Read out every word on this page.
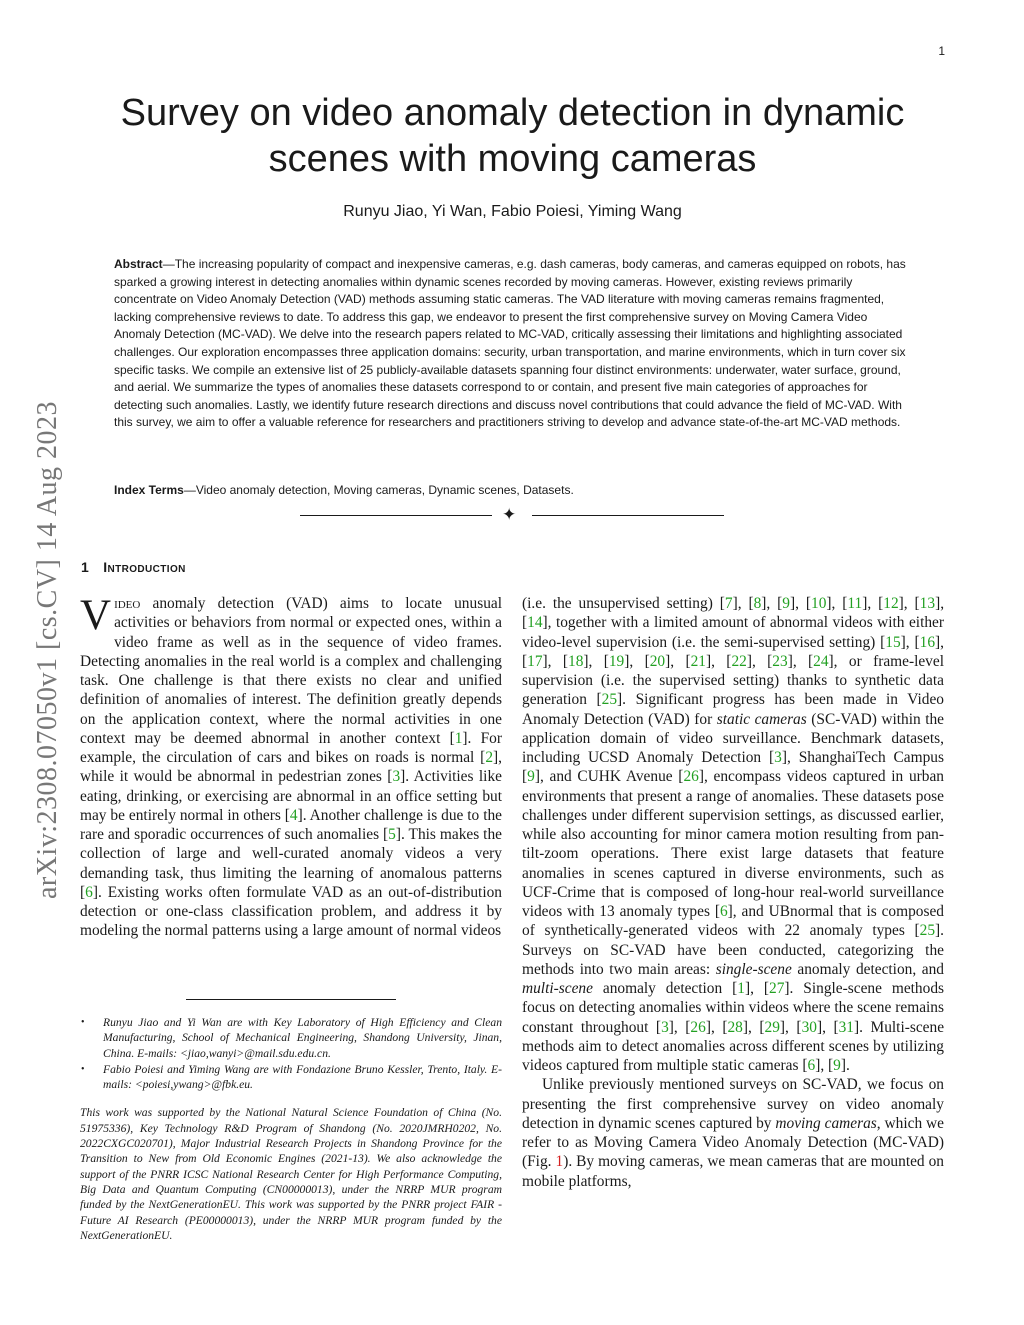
1
arXiv:2308.07050v1 [cs.CV] 14 Aug 2023
Survey on video anomaly detection in dynamic
scenes with moving cameras
Runyu Jiao, Yi Wan, Fabio Poiesi, Yiming Wang

Abstract—The increasing popularity of compact and inexpensive cameras, e.g. dash cameras, body cameras, and cameras equipped on robots, has sparked a growing interest in detecting anomalies within dynamic scenes recorded by moving cameras. However, existing reviews primarily concentrate on Video Anomaly Detection (VAD) methods assuming static cameras. The VAD literature with moving cameras remains fragmented, lacking comprehensive reviews to date. To address this gap, we endeavor to present the first comprehensive survey on Moving Camera Video Anomaly Detection (MC-VAD). We delve into the research papers related to MC-VAD, critically assessing their limitations and highlighting associated challenges. Our exploration encompasses three application domains: security, urban transportation, and marine environments, which in turn cover six specific tasks. We compile an extensive list of 25 publicly-available datasets spanning four distinct environments: underwater, water surface, ground, and aerial. We summarize the types of anomalies these datasets correspond to or contain, and present five main categories of approaches for detecting such anomalies. Lastly, we identify future research directions and discuss novel contributions that could advance the field of MC-VAD. With this survey, we aim to offer a valuable reference for researchers and practitioners striving to develop and advance state-of-the-art MC-VAD methods.

Index Terms—Video anomaly detection, Moving cameras, Dynamic scenes, Datasets.

✦
1 Introduction

Video anomaly detection (VAD) aims to locate unusual activities or behaviors from normal or expected ones, within a video frame as well as in the sequence of video frames. Detecting anomalies in the real world is a complex and challenging task. One challenge is that there exists no clear and unified definition of anomalies of interest. The definition greatly depends on the application context, where the normal activities in one context may be deemed abnormal in another context [1]. For example, the circulation of cars and bikes on roads is normal [2], while it would be abnormal in pedestrian zones [3]. Activities like eating, drinking, or exercising are abnormal in an office setting but may be entirely normal in others [4]. Another challenge is due to the rare and sporadic occurrences of such anomalies [5]. This makes the collection of large and well-curated anomaly videos a very demanding task, thus limiting the learning of anomalous patterns [6]. Existing works often formulate VAD as an out-of-distribution detection or one-class classification problem, and address it by modeling the normal patterns using a large amount of normal videos

(i.e. the unsupervised setting) [7], [8], [9], [10], [11], [12], [13], [14], together with a limited amount of abnormal videos with either video-level supervision (i.e. the semi-supervised setting) [15], [16], [17], [18], [19], [20], [21], [22], [23], [24], or frame-level supervision (i.e. the supervised setting) thanks to synthetic data generation [25]. Significant progress has been made in Video Anomaly Detection (VAD) for static cameras (SC-VAD) within the application domain of video surveillance. Benchmark datasets, including UCSD Anomaly Detection [3], ShanghaiTech Campus [9], and CUHK Avenue [26], encompass videos captured in urban environments that present a range of anomalies. These datasets pose challenges under different supervision settings, as discussed earlier, while also accounting for minor camera motion resulting from pan-tilt-zoom operations. There exist large datasets that feature anomalies in scenes captured in diverse environments, such as UCF-Crime that is composed of long-hour real-world surveillance videos with 13 anomaly types [6], and UBnormal that is composed of synthetically-generated videos with 22 anomaly types [25]. Surveys on SC-VAD have been conducted, categorizing the methods into two main areas: single-scene anomaly detection, and multi-scene anomaly detection [1], [27]. Single-scene methods focus on detecting anomalies within videos where the scene remains constant throughout [3], [26], [28], [29], [30], [31]. Multi-scene methods aim to detect anomalies across different scenes by utilizing videos captured from multiple static cameras [6], [9].

Unlike previously mentioned surveys on SC-VAD, we focus on presenting the first comprehensive survey on video anomaly detection in dynamic scenes captured by moving cameras, which we refer to as Moving Camera Video Anomaly Detection (MC-VAD) (Fig. 1). By moving cameras, we mean cameras that are mounted on mobile platforms,

• Runyu Jiao and Yi Wan are with Key Laboratory of High Efficiency and Clean Manufacturing, School of Mechanical Engineering, Shandong University, Jinan, China. E-mails: <jiao,wanyi>@mail.sdu.edu.cn.
• Fabio Poiesi and Yiming Wang are with Fondazione Bruno Kessler, Trento, Italy. E-mails: <poiesi,ywang>@fbk.eu.

This work was supported by the National Natural Science Foundation of China (No. 51975336), Key Technology R&D Program of Shandong (No. 2020JMRH0202, No. 2022CXGC020701), Major Industrial Research Projects in Shandong Province for the Transition to New from Old Economic Engines (2021-13). We also acknowledge the support of the PNRR ICSC National Research Center for High Performance Computing, Big Data and Quantum Computing (CN00000013), under the NRRP MUR program funded by the NextGenerationEU. This work was supported by the PNRR project FAIR - Future AI Research (PE00000013), under the NRRP MUR program funded by the NextGenerationEU.
